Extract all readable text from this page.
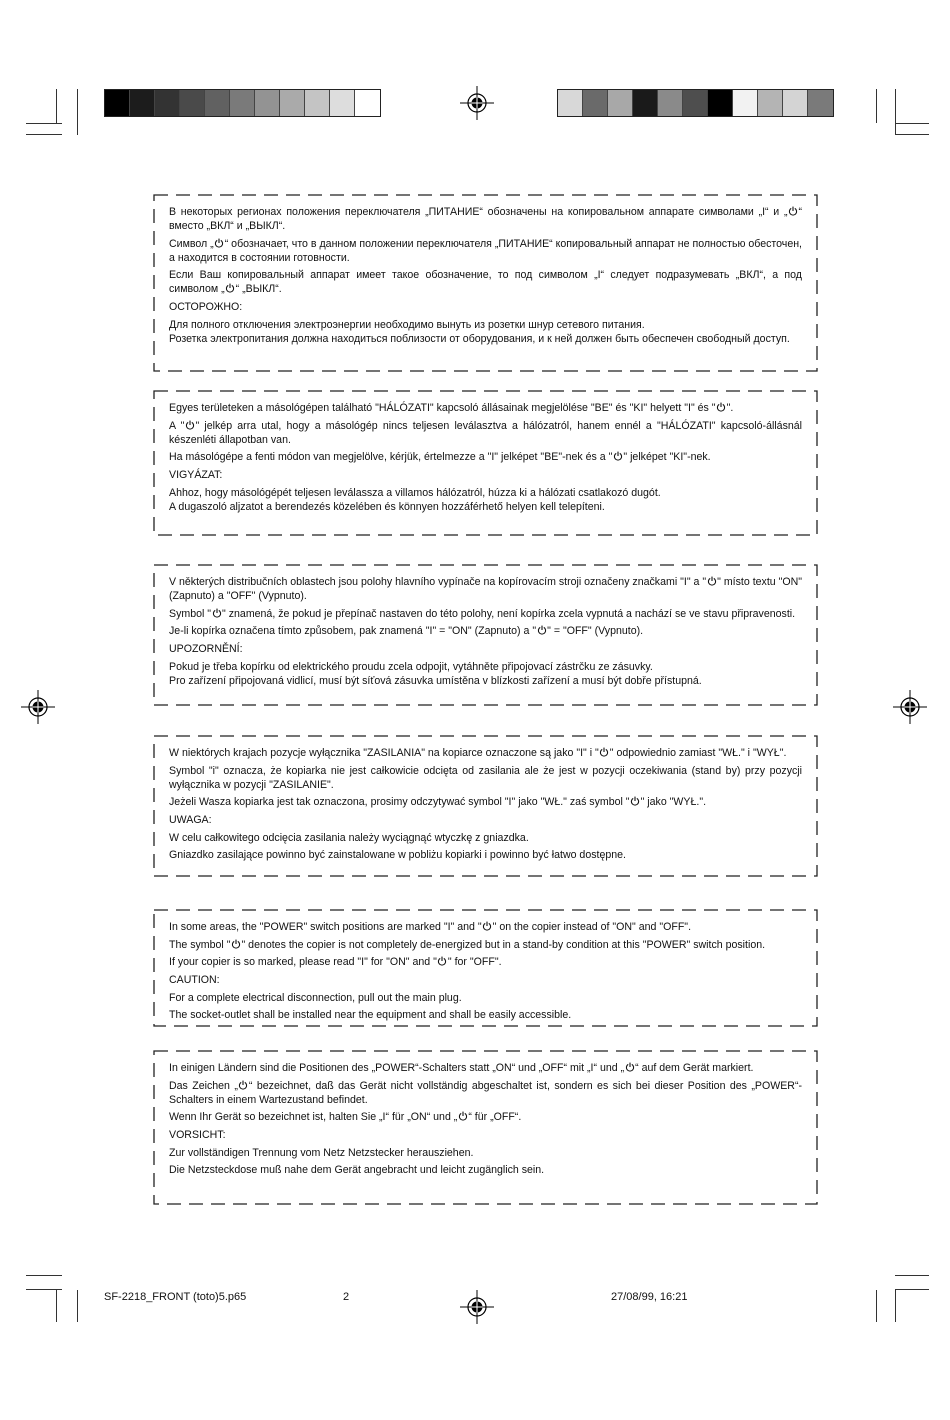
В некоторых регионах положения переключателя „ПИТАНИЕ“ обозначены на копировальном аппарате символами „I“ и „ “ вместо „ВКЛ“ и „ВЫКЛ“.

Символ „ “ обозначает, что в данном положении переключателя „ПИТАНИЕ“ копировальный аппарат не полностью обесточен, а находится в состоянии готовности.

Если Ваш копировальный аппарат имеет такое обозначение, то под символом „I“ следует подразумевать „ВКЛ“, а под символом „ “ „ВЫКЛ“.

ОСТОРОЖНО:

Для полного отключения электроэнергии необходимо вынуть из розетки шнур сетевого питания.
Розетка электропитания должна находиться поблизости от оборудования, и к ней должен быть обеспечен свободный доступ.

Egyes területeken a másológépen található "HÁLÓZATI" kapcsoló állásainak megjelölése "BE" és "KI" helyett "I" és " ".

A " " jelkép arra utal, hogy a másológép nincs teljesen leválasztva a hálózatról, hanem ennél a "HÁLÓZATI" kapcsoló-állásnál készenléti állapotban van.

Ha másológépe a fenti módon van megjelölve, kérjük, értelmezze a "I" jelképet "BE"-nek és a " " jelképet "KI"-nek.

VIGYÁZAT:

Ahhoz, hogy másológépét teljesen leválassza a villamos hálózatról, húzza ki a hálózati csatlakozó dugót.
A dugaszoló aljzatot a berendezés közelében és könnyen hozzáférhető helyen kell telepíteni.

V některých distribučních oblastech jsou polohy hlavního vypínače na kopírovacím stroji označeny značkami "I" a " " místo textu "ON" (Zapnuto) a "OFF" (Vypnuto).

Symbol " " znamená, že pokud je přepínač nastaven do této polohy, není kopírka zcela vypnutá a nachází se ve stavu připravenosti.

Je-li kopírka označena tímto způsobem, pak znamená "I" = "ON" (Zapnuto) a " " = "OFF" (Vypnuto).

UPOZORNĚNÍ:

Pokud je třeba kopírku od elektrického proudu zcela odpojit, vytáhněte připojovací zástrčku ze zásuvky.
Pro zařízení připojovaná vidlicí, musí být síťová zásuvka umístěna v blízkosti zařízení a musí být dobře přístupná.

W niektórych krajach pozycje wyłącznika "ZASILANIA" na kopiarce oznaczone są jako "I" i " " odpowiednio zamiast "WŁ." i "WYŁ".

Symbol "i" oznacza, że kopiarka nie jest całkowicie odcięta od zasilania ale że jest w pozycji oczekiwania (stand by) przy pozycji wyłącznika w pozycji "ZASILANIE".

Jeżeli Wasza kopiarka jest tak oznaczona, prosimy odczytywać symbol "I" jako "WŁ." zaś symbol " " jako "WYŁ.".

UWAGA:

W celu całkowitego odcięcia zasilania należy wyciągnąć wtyczkę z gniazdka.

Gniazdko zasilające powinno być zainstalowane w pobliżu kopiarki i powinno być łatwo dostępne.

In some areas, the "POWER" switch positions are marked "I" and " " on the copier instead of "ON" and "OFF".

The symbol " " denotes the copier is not completely de-energized but in a stand-by condition at this "POWER" switch position.

If your copier is so marked, please read "I" for "ON" and " " for "OFF".

CAUTION:

For a complete electrical disconnection, pull out the main plug.

The socket-outlet shall be installed near the equipment and shall be easily accessible.

In einigen Ländern sind die Positionen des „POWER“-Schalters statt „ON“ und „OFF“ mit „I“ und „ “ auf dem Gerät markiert.

Das Zeichen „ “ bezeichnet, daß das Gerät nicht vollständig abgeschaltet ist, sondern es sich bei dieser Position des „POWER“-Schalters in einem Wartezustand befindet.

Wenn Ihr Gerät so bezeichnet ist, halten Sie „I“ für „ON“ und „ “ für „OFF“.

VORSICHT:

Zur vollständigen Trennung vom Netz Netzstecker herausziehen.

Die Netzsteckdose muß nahe dem Gerät angebracht und leicht zugänglich sein.

SF-2218_FRONT (toto)5.p65	2	27/08/99, 16:21
